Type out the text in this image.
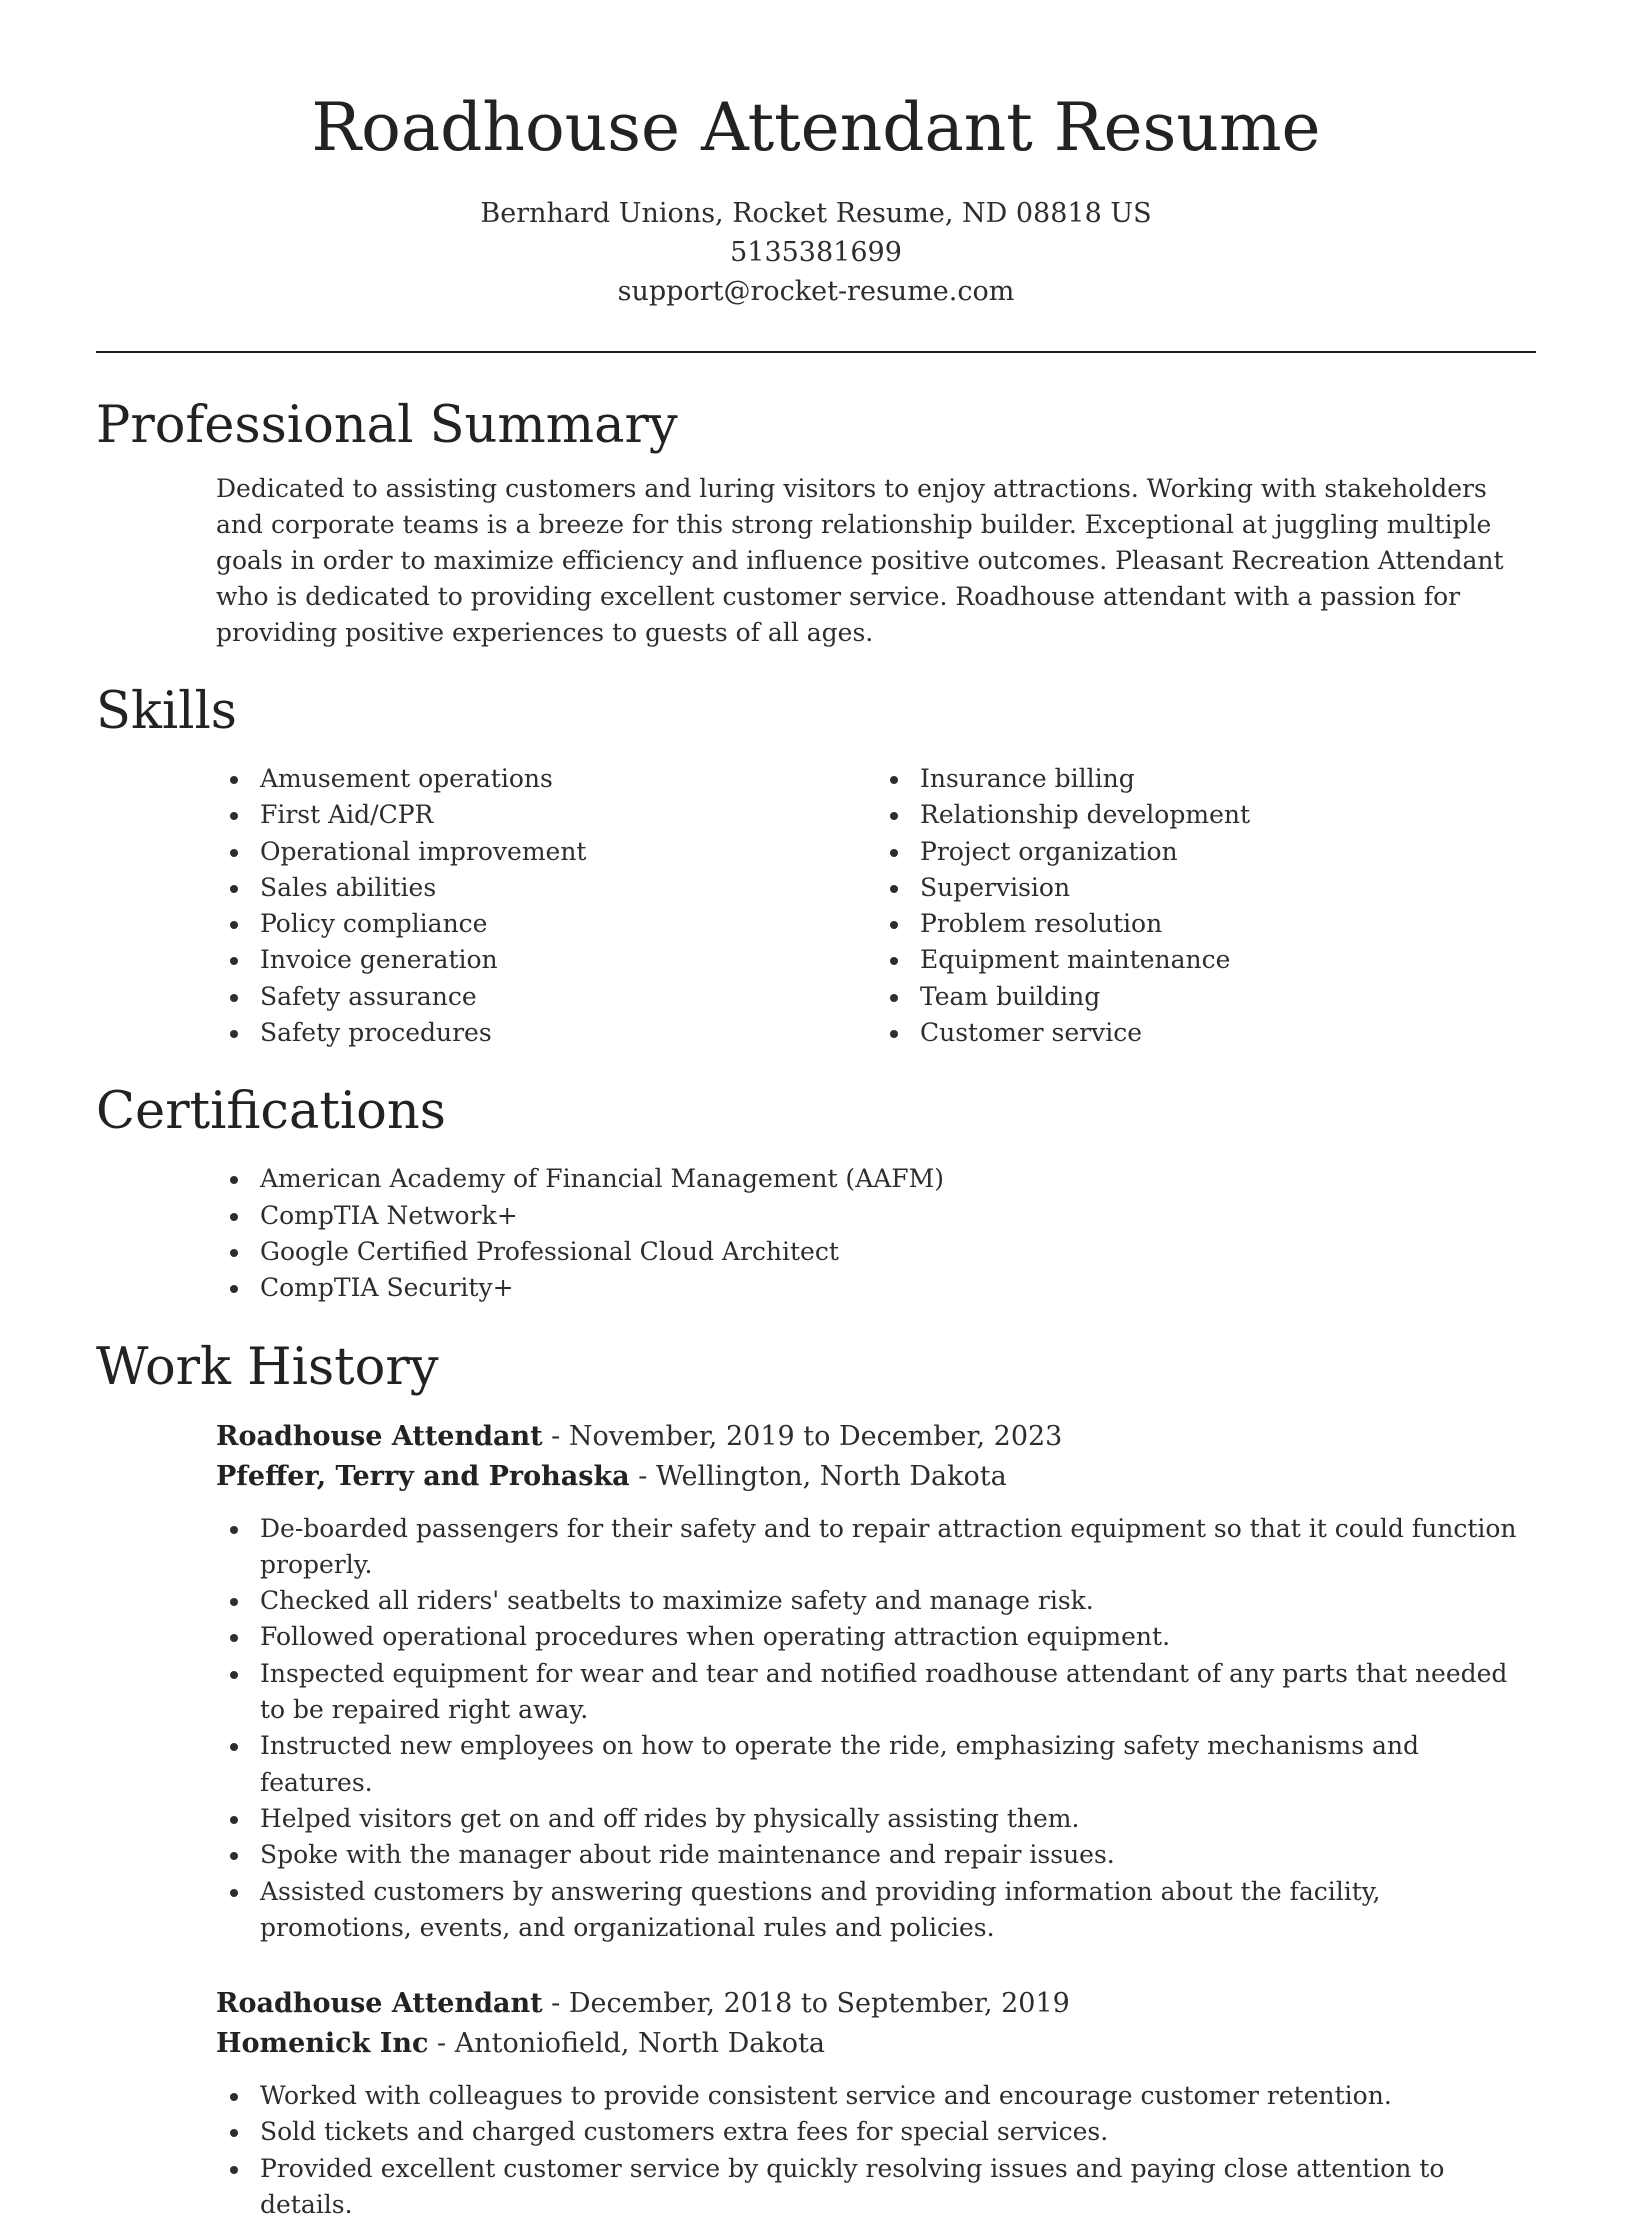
Roadhouse Attendant Resume
Bernhard Unions, Rocket Resume, ND 08818 US
5135381699
support@rocket-resume.com
Professional Summary

Dedicated to assisting customers and luring visitors to enjoy attractions. Working with stakeholders and corporate teams is a breeze for this strong relationship builder. Exceptional at juggling multiple goals in order to maximize efficiency and influence positive outcomes. Pleasant Recreation Attendant who is dedicated to providing excellent customer service. Roadhouse attendant with a passion for providing positive experiences to guests of all ages.

Skills
Amusement operations
First Aid/CPR
Operational improvement
Sales abilities
Policy compliance
Invoice generation
Safety assurance
Safety procedures
Insurance billing
Relationship development
Project organization
Supervision
Problem resolution
Equipment maintenance
Team building
Customer service
Certifications
American Academy of Financial Management (AAFM)
CompTIA Network+
Google Certified Professional Cloud Architect
CompTIA Security+
Work History
Roadhouse Attendant - November, 2019 to December, 2023
Pfeffer, Terry and Prohaska - Wellington, North Dakota
De-boarded passengers for their safety and to repair attraction equipment so that it could function properly.
Checked all riders' seatbelts to maximize safety and manage risk.
Followed operational procedures when operating attraction equipment.
Inspected equipment for wear and tear and notified roadhouse attendant of any parts that needed to be repaired right away.
Instructed new employees on how to operate the ride, emphasizing safety mechanisms and features.
Helped visitors get on and off rides by physically assisting them.
Spoke with the manager about ride maintenance and repair issues.
Assisted customers by answering questions and providing information about the facility, promotions, events, and organizational rules and policies.
Roadhouse Attendant - December, 2018 to September, 2019
Homenick Inc - Antoniofield, North Dakota
Worked with colleagues to provide consistent service and encourage customer retention.
Sold tickets and charged customers extra fees for special services.
Provided excellent customer service by quickly resolving issues and paying close attention to details.
